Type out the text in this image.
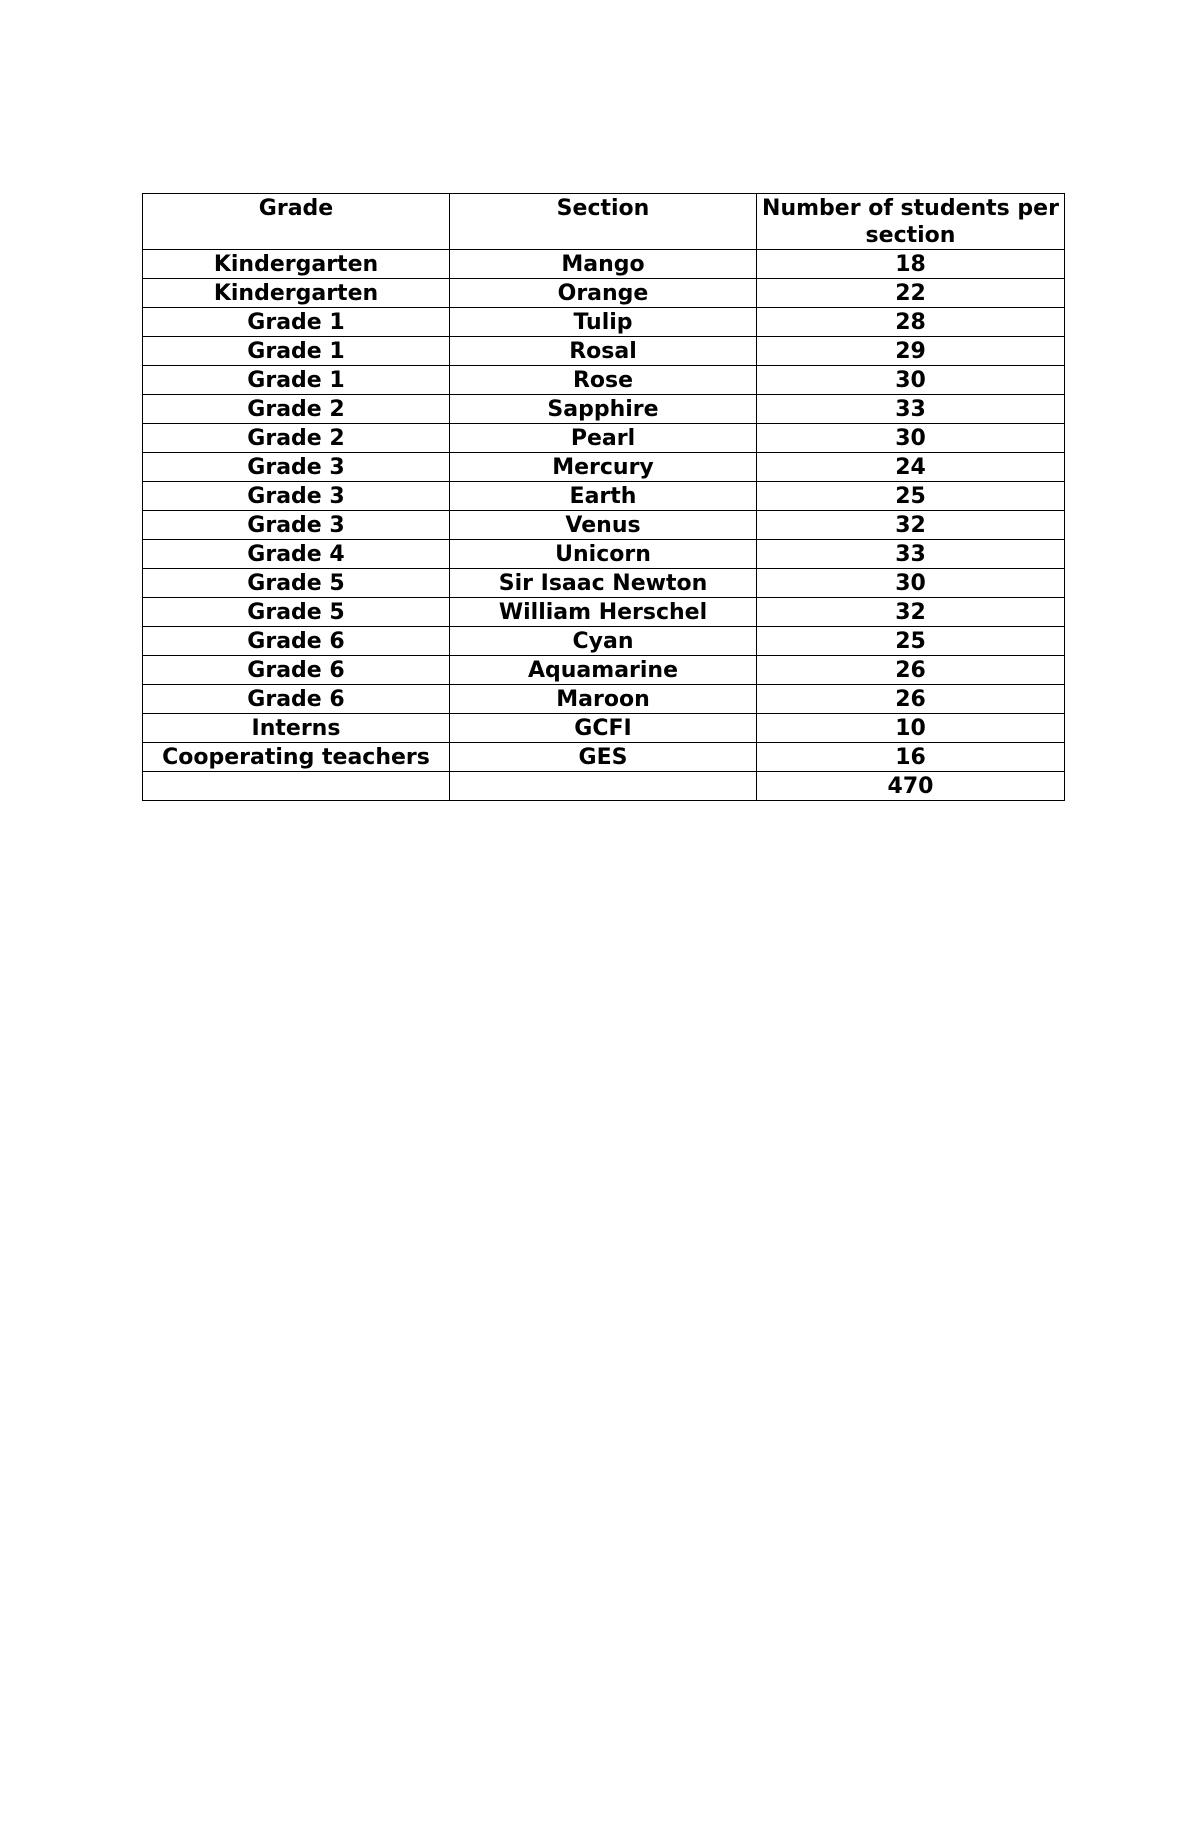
Grade	Section	Number of students per section
Kindergarten	Mango	18
Kindergarten	Orange	22
Grade 1	Tulip	28
Grade 1	Rosal	29
Grade 1	Rose	30
Grade 2	Sapphire	33
Grade 2	Pearl	30
Grade 3	Mercury	24
Grade 3	Earth	25
Grade 3	Venus	32
Grade 4	Unicorn	33
Grade 5	Sir Isaac Newton	30
Grade 5	William Herschel	32
Grade 6	Cyan	25
Grade 6	Aquamarine	26
Grade 6	Maroon	26
Interns	GCFI	10
Cooperating teachers	GES	16
		470
